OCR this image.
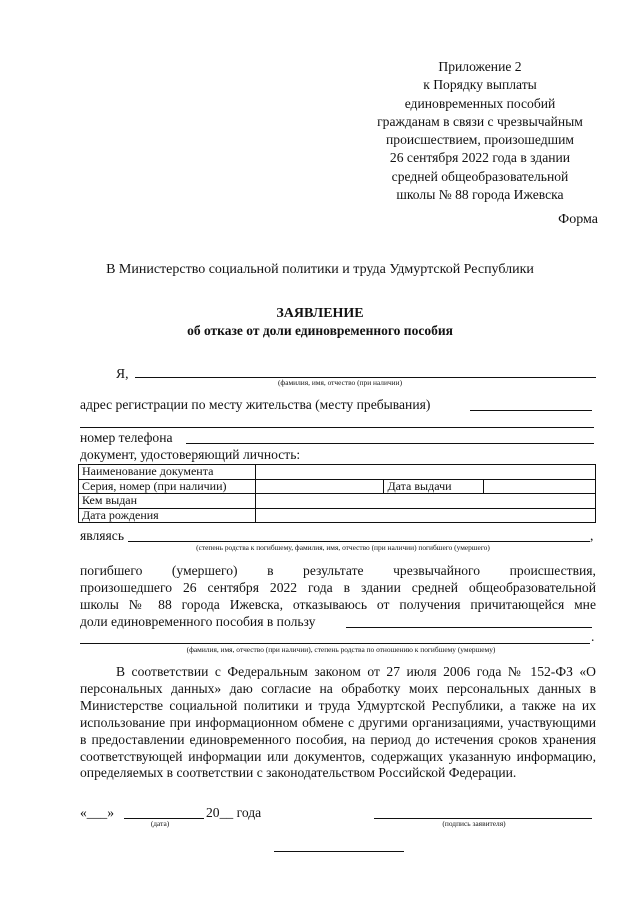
Приложение 2
к Порядку выплаты
единовременных пособий
гражданам в связи с чрезвычайным
происшествием, произошедшим
26 сентября 2022 года в здании
средней общеобразовательной
школы № 88 города Ижевска
Форма
В Министерство социальной политики и труда Удмуртской Республики
ЗАЯВЛЕНИЕ
об отказе от доли единовременного пособия
Я,
(фамилия, имя, отчество (при наличии)
адрес регистрации по месту жительства (месту пребывания)
номер телефона
документ, удостоверяющий личность:
Наименование документа			
Серия, номер (при наличии)		Дата выдачи	
Кем выдан			
Дата рождения			
являясь	,
(степень родства к погибшему, фамилия, имя, отчество (при наличии) погибшего (умершего)
погибшего (умершего) в результате чрезвычайного происшествия,
произошедшего 26 сентября 2022 года в здании средней общеобразовательной
школы № 88 города Ижевска, отказываюсь от получения причитающейся мне
доли единовременного пособия в пользу
.
(фамилия, имя, отчество (при наличии), степень родства по отношению к погибшему (умершему)
В соответствии с Федеральным законом от 27 июля 2006 года № 152-ФЗ «О персональных данных» даю согласие на обработку моих персональных данных в Министерстве социальной политики и труда Удмуртской Республики, а также на их использование при информационном обмене с другими организациями, участвующими в предоставлении единовременного пособия, на период до истечения сроков хранения соответствующей информации или документов, содержащих указанную информацию, определяемых в соответствии с законодательством Российской Федерации.
«___»	20__ года
(дата)	(подпись заявителя)
